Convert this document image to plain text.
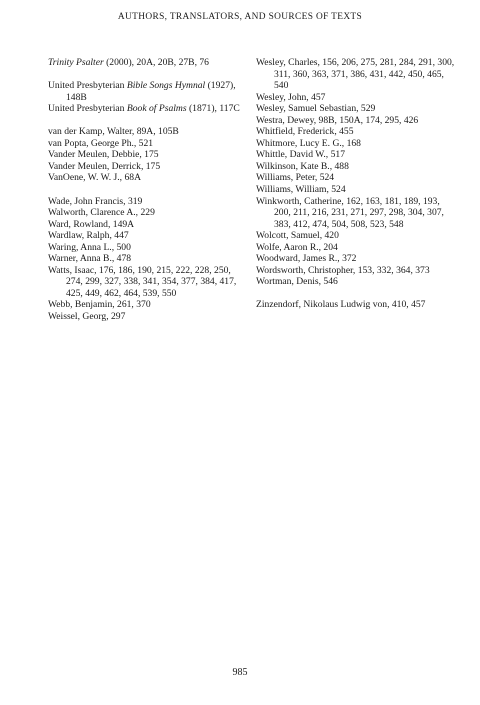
AUTHORS, TRANSLATORS, AND SOURCES OF TEXTS
Trinity Psalter (2000), 20A, 20B, 27B, 76
United Presbyterian Bible Songs Hymnal (1927), 148B
United Presbyterian Book of Psalms (1871), 117C
van der Kamp, Walter, 89A, 105B
van Popta, George Ph., 521
Vander Meulen, Debbie, 175
Vander Meulen, Derrick, 175
VanOene, W. W. J., 68A
Wade, John Francis, 319
Walworth, Clarence A., 229
Ward, Rowland, 149A
Wardlaw, Ralph, 447
Waring, Anna L., 500
Warner, Anna B., 478
Watts, Isaac, 176, 186, 190, 215, 222, 228, 250, 274, 299, 327, 338, 341, 354, 377, 384, 417, 425, 449, 462, 464, 539, 550
Webb, Benjamin, 261, 370
Weissel, Georg, 297
Wesley, Charles, 156, 206, 275, 281, 284, 291, 300, 311, 360, 363, 371, 386, 431, 442, 450, 465, 540
Wesley, John, 457
Wesley, Samuel Sebastian, 529
Westra, Dewey, 98B, 150A, 174, 295, 426
Whitfield, Frederick, 455
Whitmore, Lucy E. G., 168
Whittle, David W., 517
Wilkinson, Kate B., 488
Williams, Peter, 524
Williams, William, 524
Winkworth, Catherine, 162, 163, 181, 189, 193, 200, 211, 216, 231, 271, 297, 298, 304, 307, 383, 412, 474, 504, 508, 523, 548
Wolcott, Samuel, 420
Wolfe, Aaron R., 204
Woodward, James R., 372
Wordsworth, Christopher, 153, 332, 364, 373
Wortman, Denis, 546
Zinzendorf, Nikolaus Ludwig von, 410, 457
985
